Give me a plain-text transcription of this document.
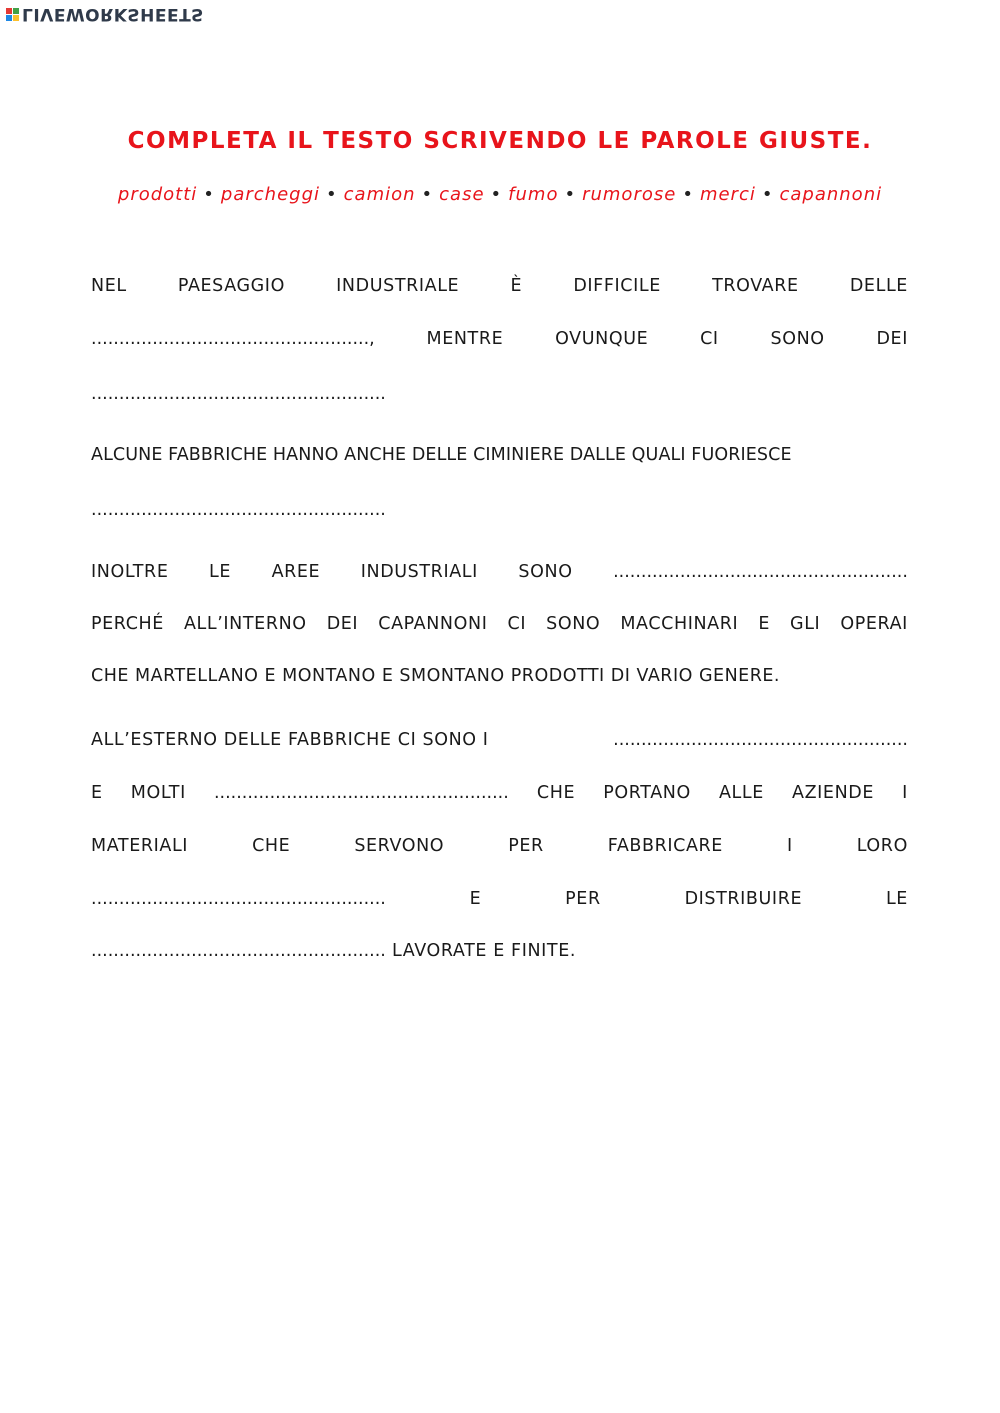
LIVEWORKSHEETS
COMPLETA IL TESTO SCRIVENDO LE PAROLE GIUSTE.
prodotti • parcheggi • camion • case • fumo • rumorose • merci • capannoni
NEL	PAESAGGIO	INDUSTRIALE	È	DIFFICILE	TROVARE	DELLE
..................................................,	MENTRE	OVUNQUE	CI	SONO	DEI
.....................................................
ALCUNE FABBRICHE HANNO ANCHE DELLE CIMINIERE DALLE QUALI FUORIESCE
.....................................................
INOLTRE LE AREE INDUSTRIALI SONO .....................................................
PERCHÉ ALL’INTERNO DEI CAPANNONI CI SONO MACCHINARI E GLI OPERAI
CHE MARTELLANO E MONTANO E SMONTANO PRODOTTI DI VARIO GENERE.
ALL’ESTERNO DELLE FABBRICHE CI SONO I	.....................................................
E MOLTI ..................................................... CHE PORTANO ALLE AZIENDE I
MATERIALI	CHE	SERVONO	PER	FABBRICARE	I	LORO
.....................................................	E	PER	DISTRIBUIRE	LE
..................................................... LAVORATE E FINITE.
